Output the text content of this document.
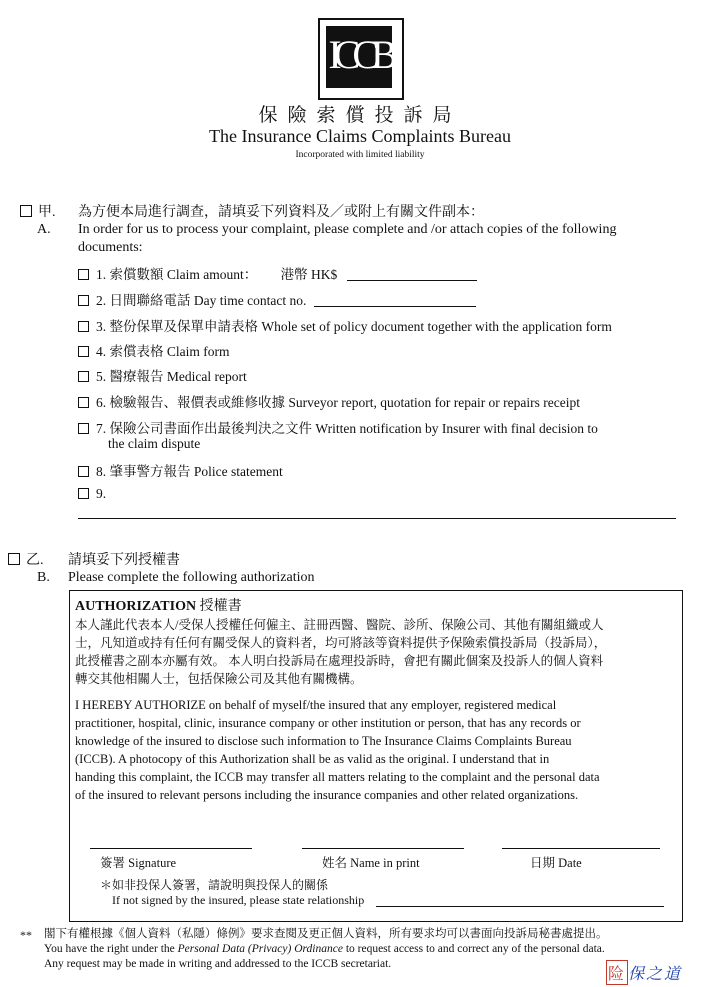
ICCB
保險索償投訴局
The Insurance Claims Complaints Bureau
Incorporated with limited liability
甲. 為方便本局進行調查，請填妥下列資料及／或附上有關文件副本：
A. In order for us to process your complaint, please complete and /or attach copies of the following
documents:
1. 索償數額 Claim amount： 港幣 HK$
2. 日間聯絡電話 Day time contact no.
3. 整份保單及保單申請表格 Whole set of policy document together with the application form
4. 索償表格 Claim form
5. 醫療報告 Medical report
6. 檢驗報告、報價表或維修收據 Surveyor report, quotation for repair or repairs receipt
7. 保險公司書面作出最後判決之文件 Written notification by Insurer with final decision to
the claim dispute
8. 肇事警方報告 Police statement
9.
乙. 請填妥下列授權書
B. Please complete the following authorization
AUTHORIZATION 授權書
本人謹此代表本人/受保人授權任何僱主、註冊西醫、醫院、診所、保險公司、其他有關組織或人
士，凡知道或持有任何有關受保人的資料者，均可將該等資料提供予保險索償投訴局（投訴局），
此授權書之副本亦屬有效。 本人明白投訴局在處理投訴時，會把有關此個案及投訴人的個人資料
轉交其他相關人士，包括保險公司及其他有關機構。
I HEREBY AUTHORIZE on behalf of myself/the insured that any employer, registered medical
practitioner, hospital, clinic, insurance company or other institution or person, that has any records or
knowledge of the insured to disclose such information to The Insurance Claims Complaints Bureau
(ICCB). A photocopy of this Authorization shall be as valid as the original. I understand that in
handing this complaint, the ICCB may transfer all matters relating to the complaint and the personal data
of the insured to relevant persons including the insurance companies and other related organizations.
簽署 Signature	姓名 Name in print	日期 Date
＊如非投保人簽署，請說明與投保人的關係
If not signed by the insured, please state relationship
** 閣下有權根據《個人資料（私隱）條例》要求查閱及更正個人資料，所有要求均可以書面向投訴局秘書處提出。
You have the right under the Personal Data (Privacy) Ordinance to request access to and correct any of the personal data.
Any request may be made in writing and addressed to the ICCB secretariat.
险 保之道
